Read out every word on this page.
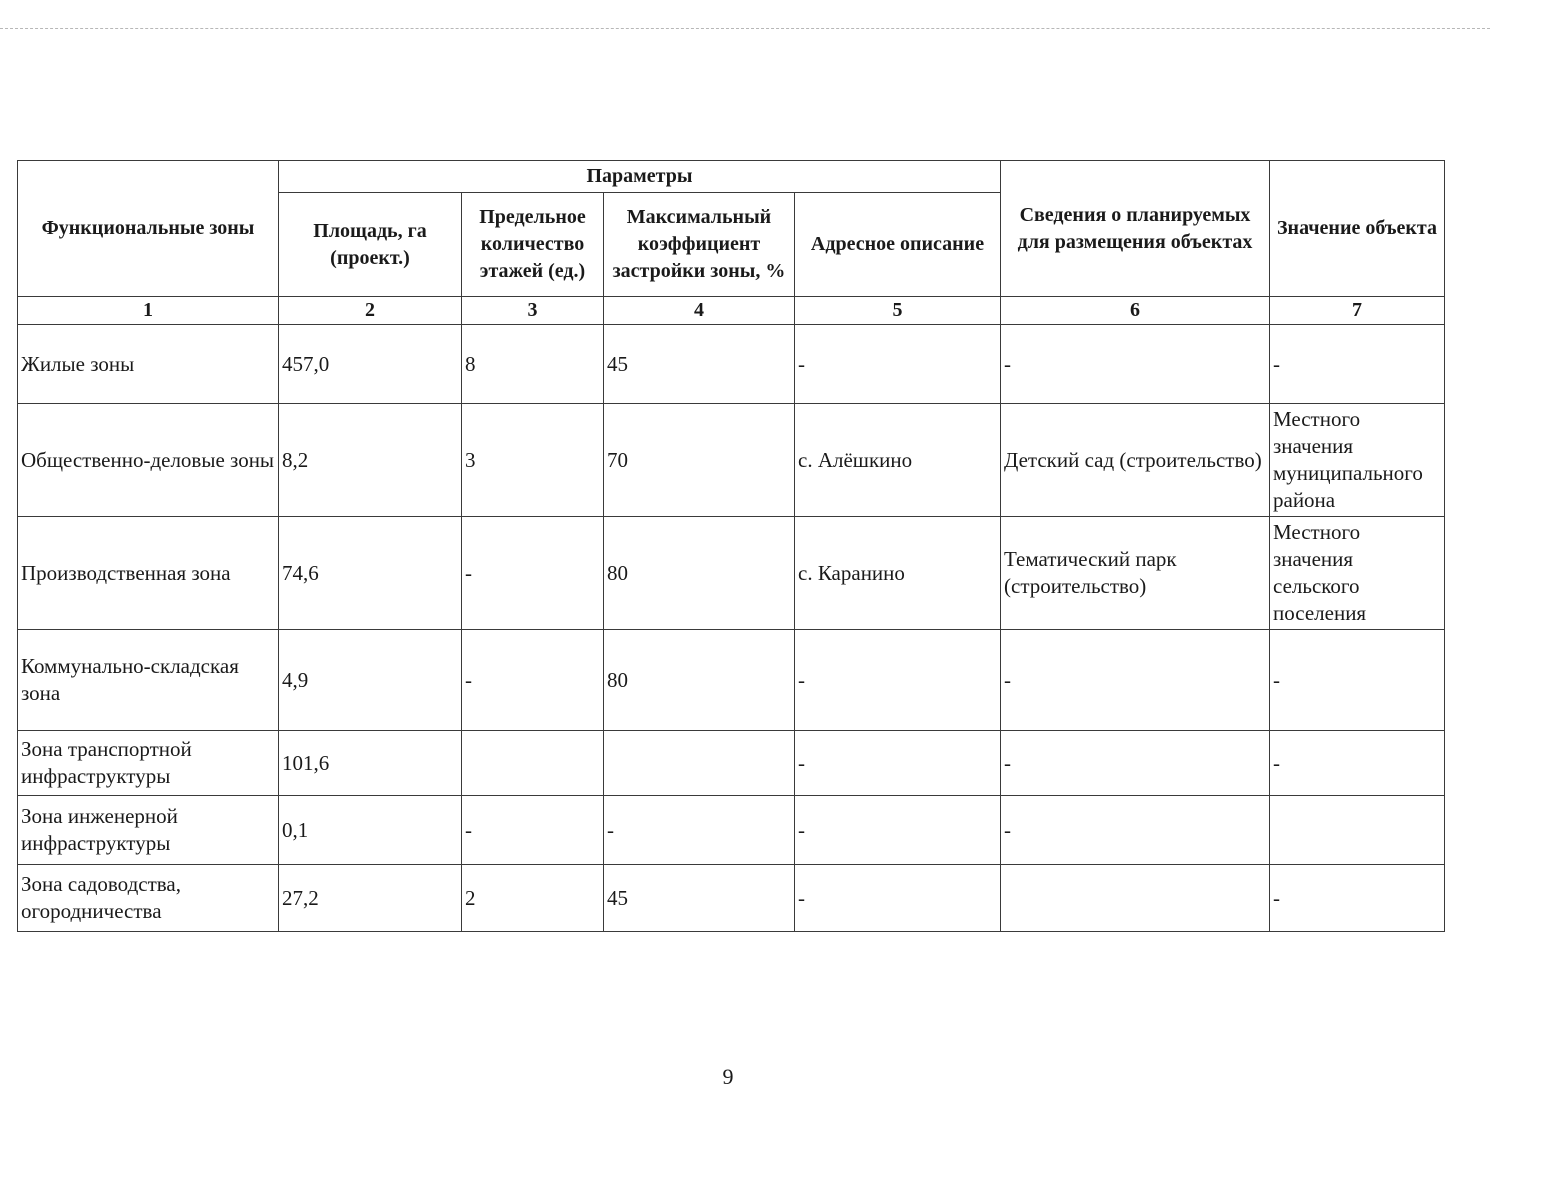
Функциональные зоны	Параметры				Сведения о планируемых для размещения объектах	Значение объекта
	Площадь, га (проект.)	Предельное количество этажей (ед.)	Максимальный коэффициент застройки зоны, %	Адресное описание		
1	2	3	4	5	6	7
Жилые зоны	457,0	8	45	-	-	-
Общественно-деловые зоны	8,2	3	70	с. Алёшкино	Детский сад (строительство)	Местного значения муниципального района
Производственная зона	74,6	-	80	с. Каранино	Тематический парк (строительство)	Местного значения сельского поселения
Коммунально-складская зона	4,9	-	80	-	-	-
Зона транспортной инфраструктуры	101,6			-	-	-
Зона инженерной инфраструктуры	0,1	-	-	-	-	
Зона садоводства, огородничества	27,2	2	45	-		-
9
